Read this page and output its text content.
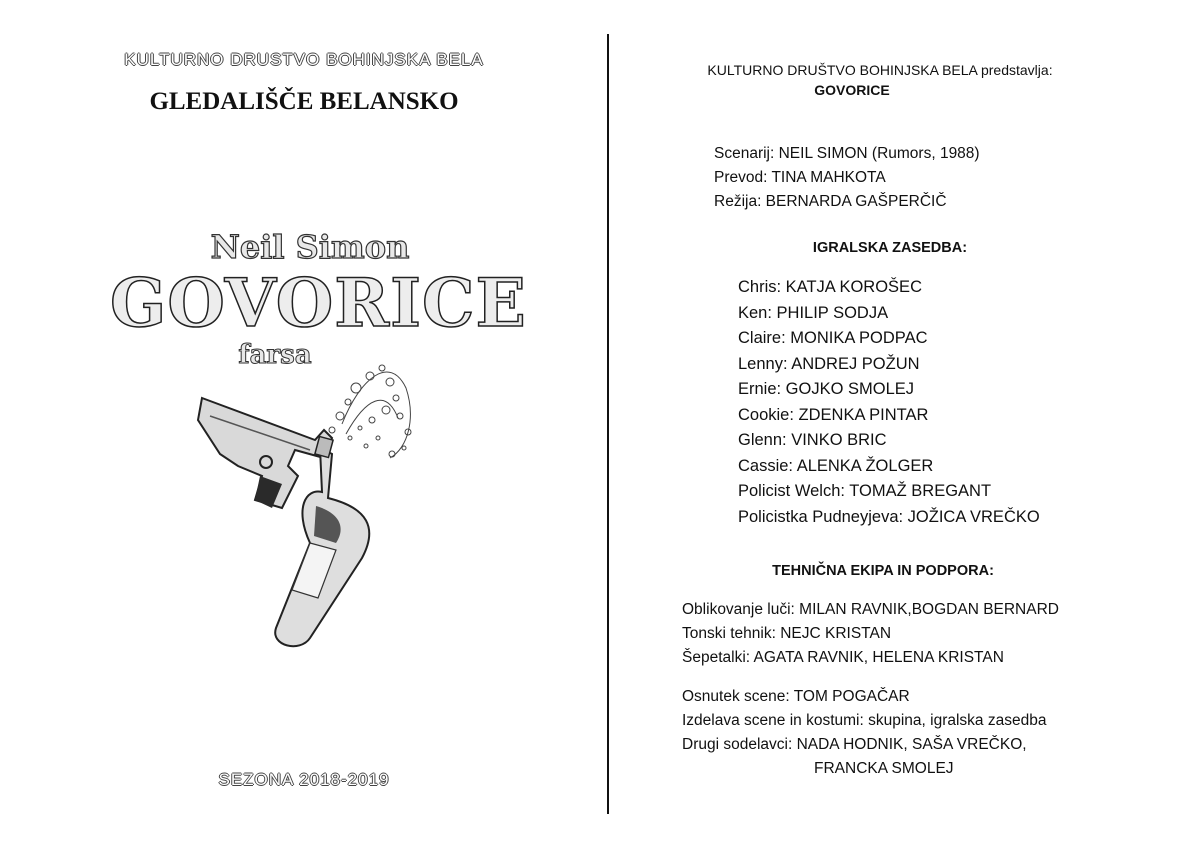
KULTURNO DRUSTVO BOHINJSKA BELA
GLEDALIŠČE BELANSKO
Neil Simon
GOVORICE
farsa
SEZONA 2018-2019
KULTURNO DRUŠTVO BOHINJSKA BELA predstavlja:
GOVORICE
Scenarij: NEIL SIMON (Rumors, 1988)
Prevod: TINA MAHKOTA
Režija: BERNARDA GAŠPERČIČ
IGRALSKA ZASEDBA:
Chris: KATJA KOROŠEC
Ken: PHILIP SODJA
Claire: MONIKA PODPAC
Lenny: ANDREJ POŽUN
Ernie: GOJKO SMOLEJ
Cookie: ZDENKA PINTAR
Glenn: VINKO BRIC
Cassie: ALENKA ŽOLGER
Policist Welch: TOMAŽ BREGANT
Policistka Pudneyjeva: JOŽICA VREČKO
TEHNIČNA EKIPA IN PODPORA:
Oblikovanje luči: MILAN RAVNIK,BOGDAN BERNARD
Tonski tehnik: NEJC KRISTAN
Šepetalki: AGATA RAVNIK, HELENA KRISTAN
Osnutek scene: TOM POGAČAR
Izdelava scene in kostumi: skupina, igralska zasedba
Drugi sodelavci: NADA HODNIK, SAŠA VREČKO,
FRANCKA SMOLEJ
